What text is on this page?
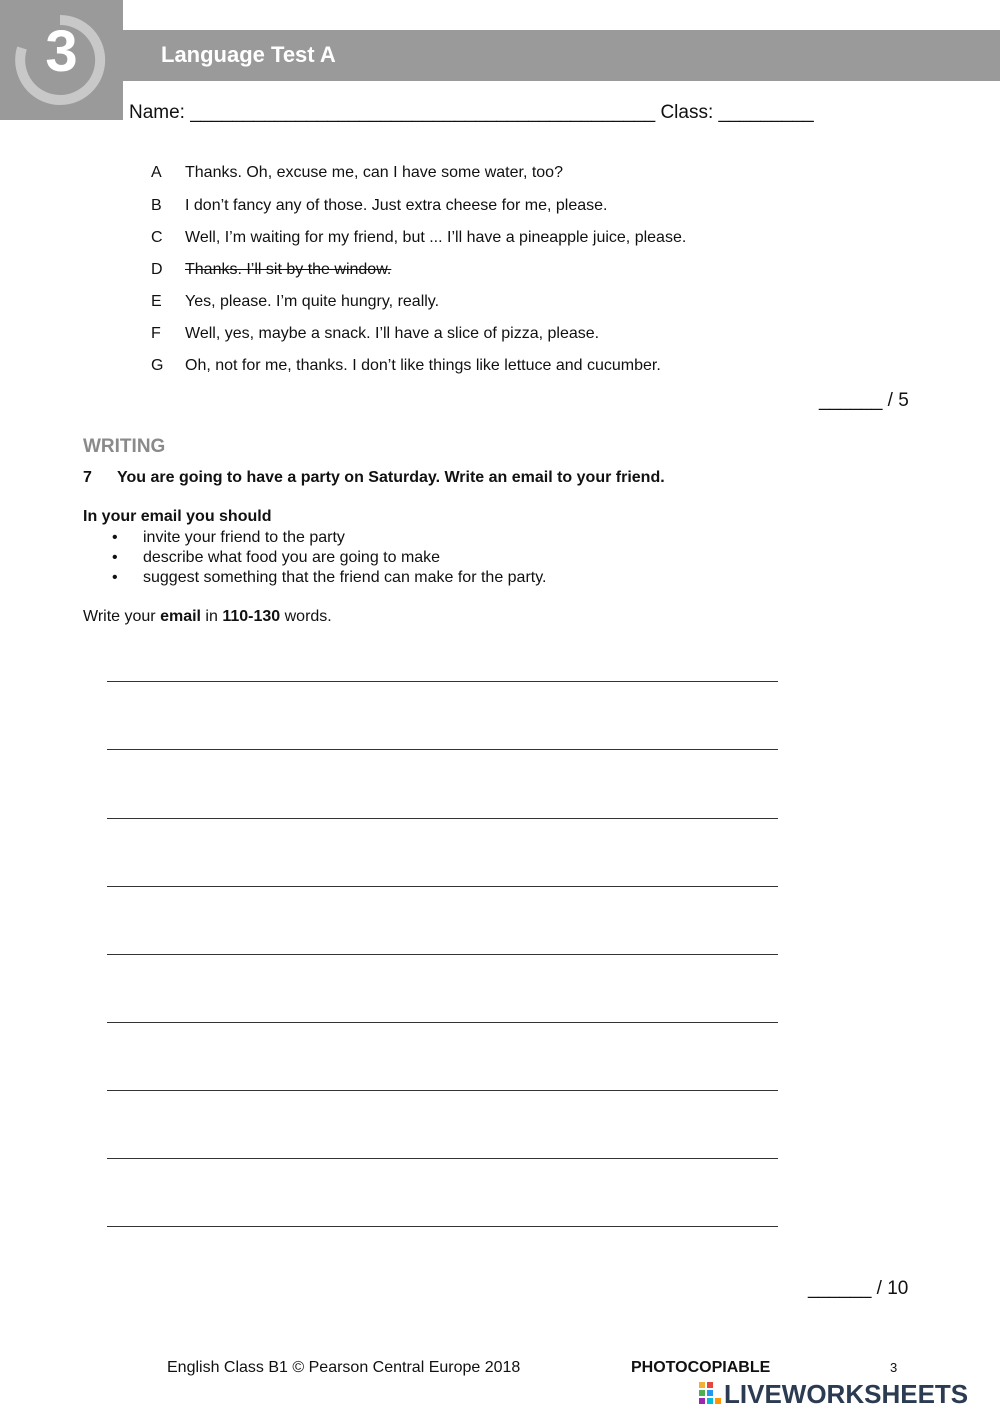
3	Language Test A
Name: ____________________________________________ Class: _________
A Thanks. Oh, excuse me, can I have some water, too?
B I don’t fancy any of those. Just extra cheese for me, please.
C Well, I’m waiting for my friend, but ... I’ll have a pineapple juice, please.
D Thanks. I’ll sit by the window.
E Yes, please. I’m quite hungry, really.
F Well, yes, maybe a snack. I’ll have a slice of pizza, please.
G Oh, not for me, thanks. I don’t like things like lettuce and cucumber.
______ / 5
WRITING
7 You are going to have a party on Saturday. Write an email to your friend.
In your email you should
• invite your friend to the party
• describe what food you are going to make
• suggest something that the friend can make for the party.
Write your email in 110-130 words.
______ / 10
English Class B1 © Pearson Central Europe 2018	PHOTOCOPIABLE	3
LIVEWORKSHEETS
